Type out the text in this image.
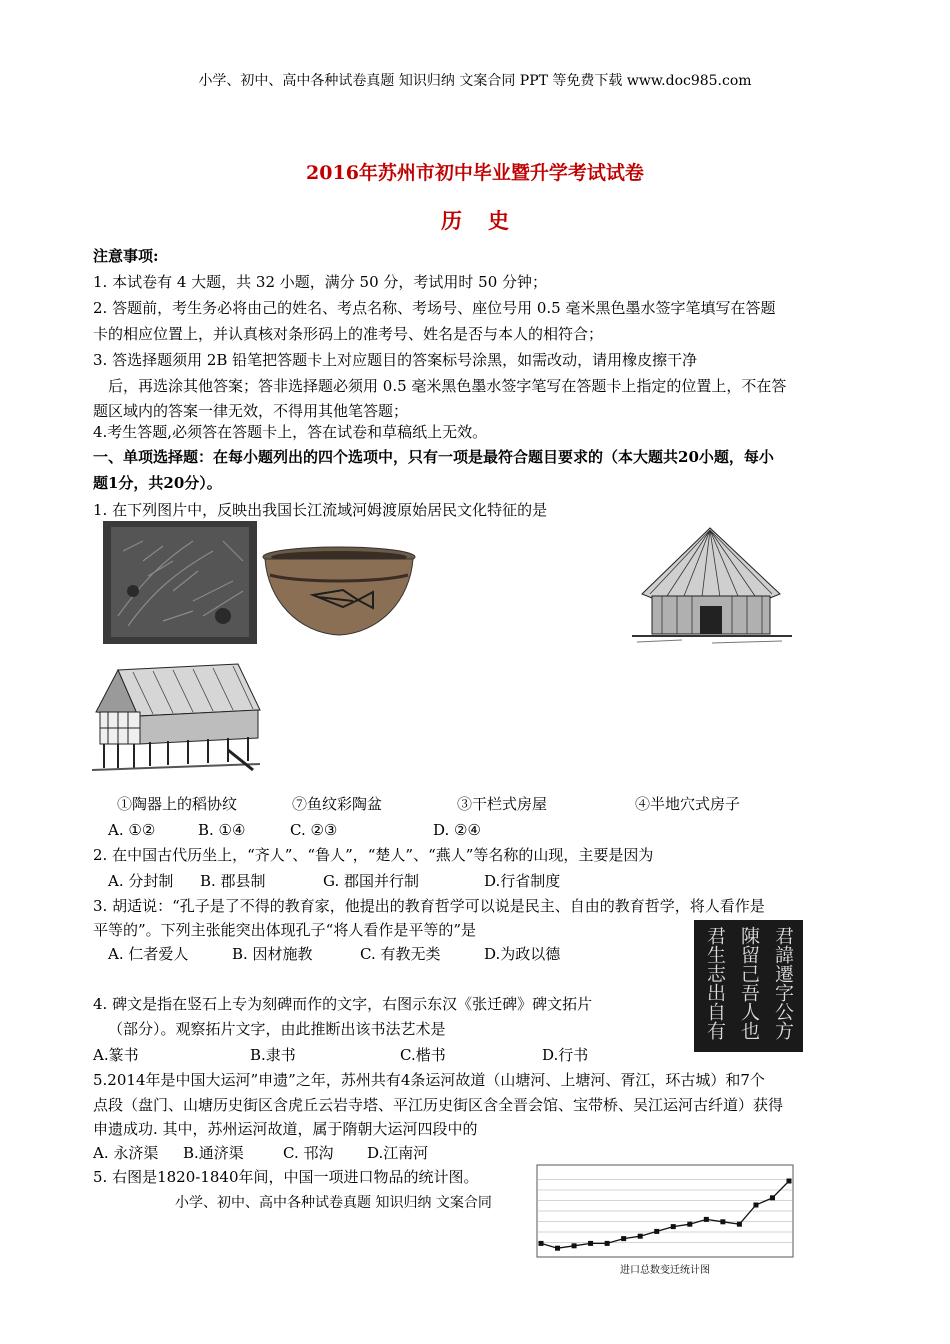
小学、初中、高中各种试卷真题 知识归纳 文案合同 PPT 等免费下载 www.doc985.com
2016年苏州市初中毕业暨升学考试试卷
历史
注意事项:
1. 本试卷有 4 大题，共 32 小题，满分 50 分，考试用时 50 分钟；
2. 答题前，考生务必将由己的姓名、考点名称、考场号、座位号用 0.5 毫米黑色墨水签字笔填写在答题
卡的相应位置上，并认真核对条形码上的准考号、姓名是否与本人的相符合；
3. 答选择题须用 2B 铅笔把答题卡上对应题目的答案标号涂黑，如需改动，请用橡皮擦干净
后，再选涂其他答案；答非选择题必须用 0.5 毫米黑色墨水签字笔写在答题卡上指定的位置上，不在答
题区域内的答案一律无效，不得用其他笔答题；
4.考生答题,必须答在答题卡上，答在试卷和草稿纸上无效。
一、单项选择题：在每小题列出的四个选项中，只有一项是最符合题目要求的（本大题共20小题，每小
题1分，共20分）。
1. 在下列图片中，反映出我国长江流域河姆渡原始居民文化特征的是
①陶器上的稻协纹	⑦鱼纹彩陶盆	③干栏式房屋	④半地穴式房子
A. ①②	B. ①④	C. ②③	D. ②④
2. 在中国古代历坐上，“齐人”、“鲁人”，“楚人”、“燕人”等名称的山现，主要是因为
A. 分封制 B. 郡县制	G. 郡国并行制	D.行省制度
3. 胡适说：“孔子是了不得的教育家，他提出的教育哲学可以说是民主、自由的教育哲学，将人看作是
平等的”。下列主张能突出体现孔子“将人看作是平等的”是
A. 仁者爱人	B. 因材施教	C. 有教无类	D.为政以德	君諱遷字公方
陳留己吾人也
君生志出自有
4. 碑文是指在竖石上专为刻碑而作的文字，右图示东汉《张迁碑》碑文拓片
（部分）。观察拓片文字，由此推断出该书法艺术是
A.篆书	B.隶书	C.楷书	D.行书
5.2014年是中国大运河”申遗”之年，苏州共有4条运河故道（山塘河、上塘河、胥江，环古城）和7个
点段（盘门、山塘历史街区含虎丘云岩寺塔、平江历史街区含全晋会馆、宝带桥、吴江运河古纤道）获得
申遗成功. 其中，苏州运河故道，属于隋朝大运河四段中的
A. 永济渠 B.通济渠	C. 邗沟 D.江南河
5. 右图是1820-1840年间，中国一项进口物品的统计图。
小学、初中、高中各种试卷真题 知识归纳 文案合同
进口总数变迁统计图
